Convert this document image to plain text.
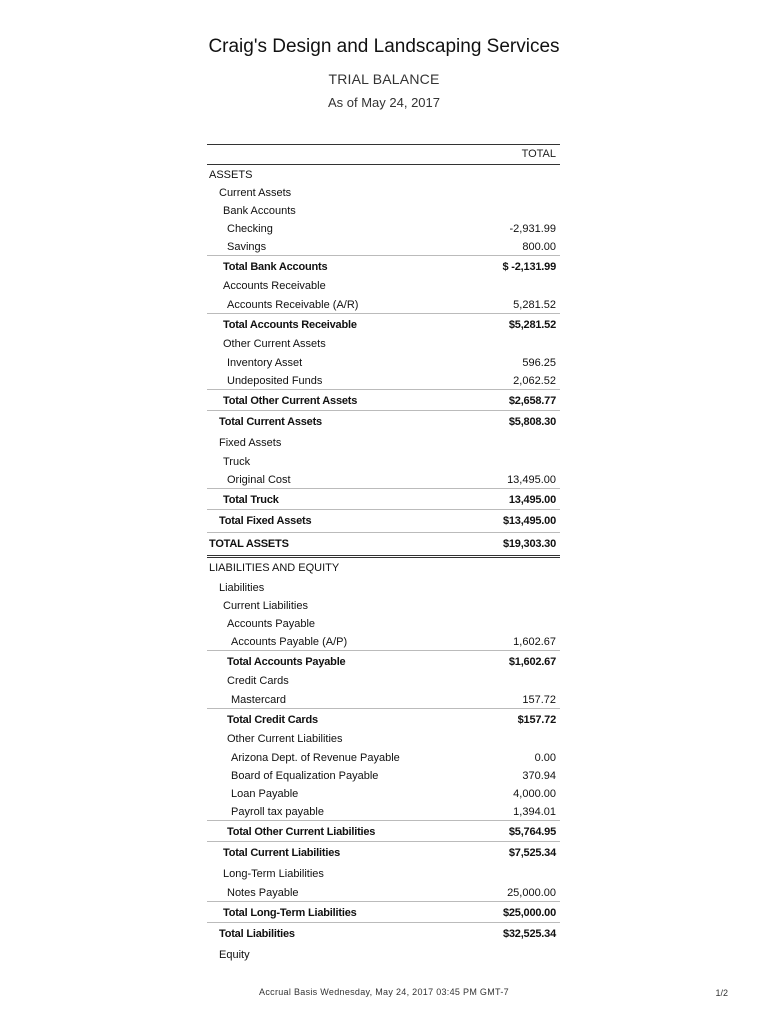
Craig's Design and Landscaping Services
TRIAL BALANCE
As of May 24, 2017
TOTAL
ASSETS
Current Assets
Bank Accounts
Checking	-2,931.99
Savings	800.00
Total Bank Accounts	$ -2,131.99
Accounts Receivable
Accounts Receivable (A/R)	5,281.52
Total Accounts Receivable	$5,281.52
Other Current Assets
Inventory Asset	596.25
Undeposited Funds	2,062.52
Total Other Current Assets	$2,658.77
Total Current Assets	$5,808.30
Fixed Assets
Truck
Original Cost	13,495.00
Total Truck	13,495.00
Total Fixed Assets	$13,495.00
TOTAL ASSETS	$19,303.30
LIABILITIES AND EQUITY
Liabilities
Current Liabilities
Accounts Payable
Accounts Payable (A/P)	1,602.67
Total Accounts Payable	$1,602.67
Credit Cards
Mastercard	157.72
Total Credit Cards	$157.72
Other Current Liabilities
Arizona Dept. of Revenue Payable	0.00
Board of Equalization Payable	370.94
Loan Payable	4,000.00
Payroll tax payable	1,394.01
Total Other Current Liabilities	$5,764.95
Total Current Liabilities	$7,525.34
Long-Term Liabilities
Notes Payable	25,000.00
Total Long-Term Liabilities	$25,000.00
Total Liabilities	$32,525.34
Equity
Accrual Basis Wednesday, May 24, 2017 03:45 PM GMT-7	1/2
